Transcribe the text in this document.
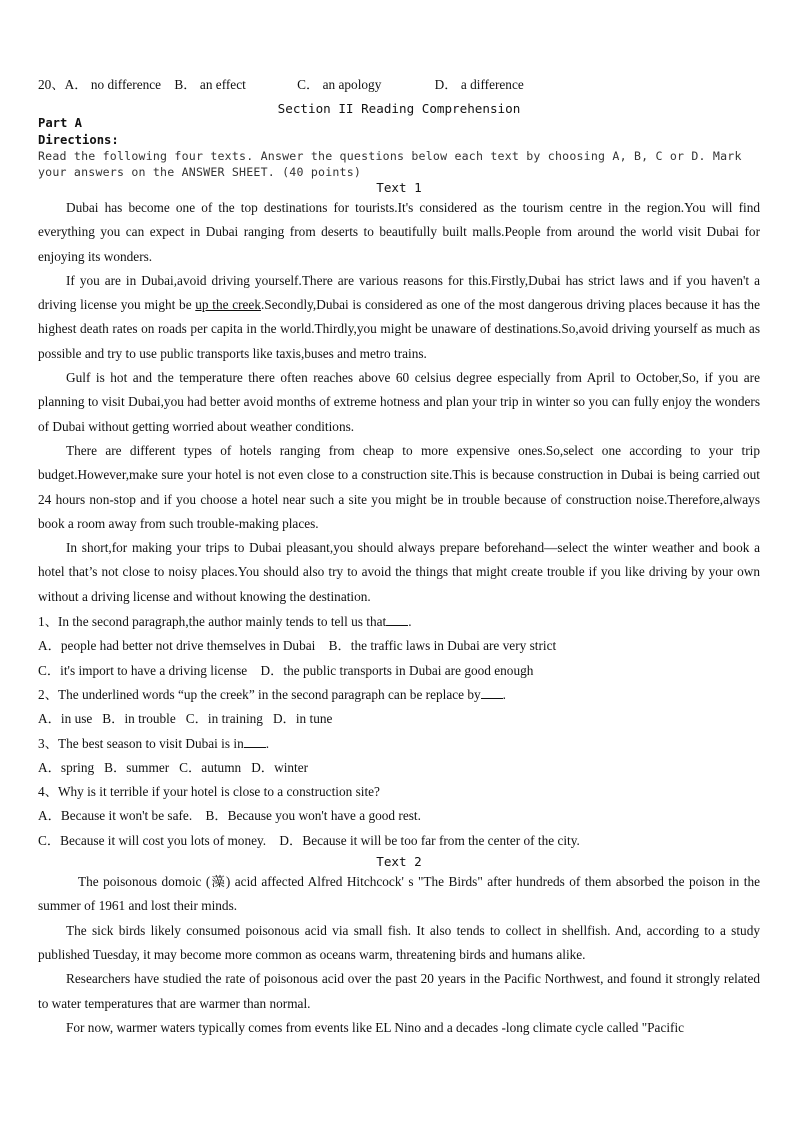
20、A． no difference B． an effect	C． an apology	D． a difference
Section II Reading Comprehension
Part A
Directions:
Read the following four texts. Answer the questions below each text by choosing A, B, C or D. Mark
your answers on the ANSWER SHEET. (40 points)
Text 1

Dubai has become one of the top destinations for tourists.It's considered as the tourism centre in the region.You will find everything you can expect in Dubai ranging from deserts to beautifully built malls.People from around the world visit Dubai for enjoying its wonders.

If you are in Dubai,avoid driving yourself.There are various reasons for this.Firstly,Dubai has strict laws and if you haven't a driving license you might be up the creek.Secondly,Dubai is considered as one of the most dangerous driving places because it has the highest death rates on roads per capita in the world.Thirdly,you might be unaware of destinations.So,avoid driving yourself as much as possible and try to use public transports like taxis,buses and metro trains.

Gulf is hot and the temperature there often reaches above 60 celsius degree especially from April to October,So, if you are planning to visit Dubai,you had better avoid months of extreme hotness and plan your trip in winter so you can fully enjoy the wonders of Dubai without getting worried about weather conditions.

There are different types of hotels ranging from cheap to more expensive ones.So,select one according to your trip budget.However,make sure your hotel is not even close to a construction site.This is because construction in Dubai is being carried out 24 hours non-stop and if you choose a hotel near such a site you might be in trouble because of construction noise.Therefore,always book a room away from such trouble-making places.

In short,for making your trips to Dubai pleasant,you should always prepare beforehand—select the winter weather and book a hotel that’s not close to noisy places.You should also try to avoid the things that might create trouble if you like driving by your own without a driving license and without knowing the destination.

1、In the second paragraph,the author mainly tends to tell us that .
A．people had better not drive themselves in Dubai B．the traffic laws in Dubai are very strict
C．it's import to have a driving license D．the public transports in Dubai are good enough
2、The underlined words “up the creek” in the second paragraph can be replace by .
A．in use B．in trouble C．in training D．in tune
3、The best season to visit Dubai is in .
A．spring B．summer C．autumn D．winter
4、Why is it terrible if your hotel is close to a construction site?
A．Because it won't be safe. B．Because you won't have a good rest.
C．Because it will cost you lots of money. D．Because it will be too far from the center of the city.
Text 2

The poisonous domoic (藻) acid affected Alfred Hitchcock' s "The Birds" after hundreds of them absorbed the poison in the summer of 1961 and lost their minds.

The sick birds likely consumed poisonous acid via small fish. It also tends to collect in shellfish. And, according to a study published Tuesday, it may become more common as oceans warm, threatening birds and humans alike.

Researchers have studied the rate of poisonous acid over the past 20 years in the Pacific Northwest, and found it strongly related to water temperatures that are warmer than normal.

For now, warmer waters typically comes from events like EL Nino and a decades -long climate cycle called "Pacific
